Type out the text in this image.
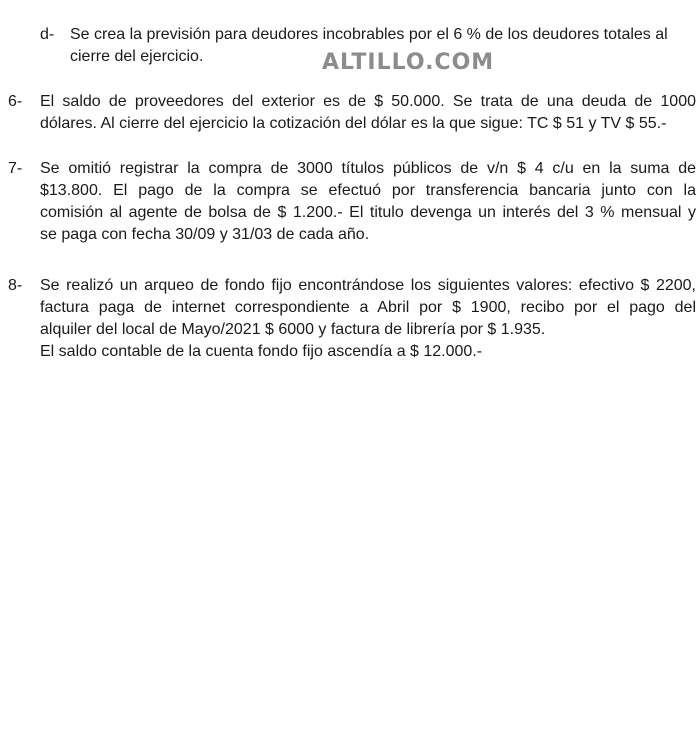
d- Se crea la previsión para deudores incobrables por el 6 % de los deudores totales al cierre del ejercicio.	ALTILLO.COM
6- El saldo de proveedores del exterior es de $ 50.000. Se trata de una deuda de 1000
dólares. Al cierre del ejercicio la cotización del dólar es la que sigue: TC $ 51 y TV $ 55.-
7- Se omitió registrar la compra de 3000 títulos públicos de v/n $ 4 c/u en la suma de
$13.800. El pago de la compra se efectuó por transferencia bancaria junto con la
comisión al agente de bolsa de $ 1.200.- El titulo devenga un interés del 3 % mensual y
se paga con fecha 30/09 y 31/03 de cada año.
8- Se realizó un arqueo de fondo fijo encontrándose los siguientes valores: efectivo $ 2200,
factura paga de internet correspondiente a Abril por $ 1900, recibo por el pago del
alquiler del local de Mayo/2021 $ 6000 y factura de librería por $ 1.935.
El saldo contable de la cuenta fondo fijo ascendía a $ 12.000.-
